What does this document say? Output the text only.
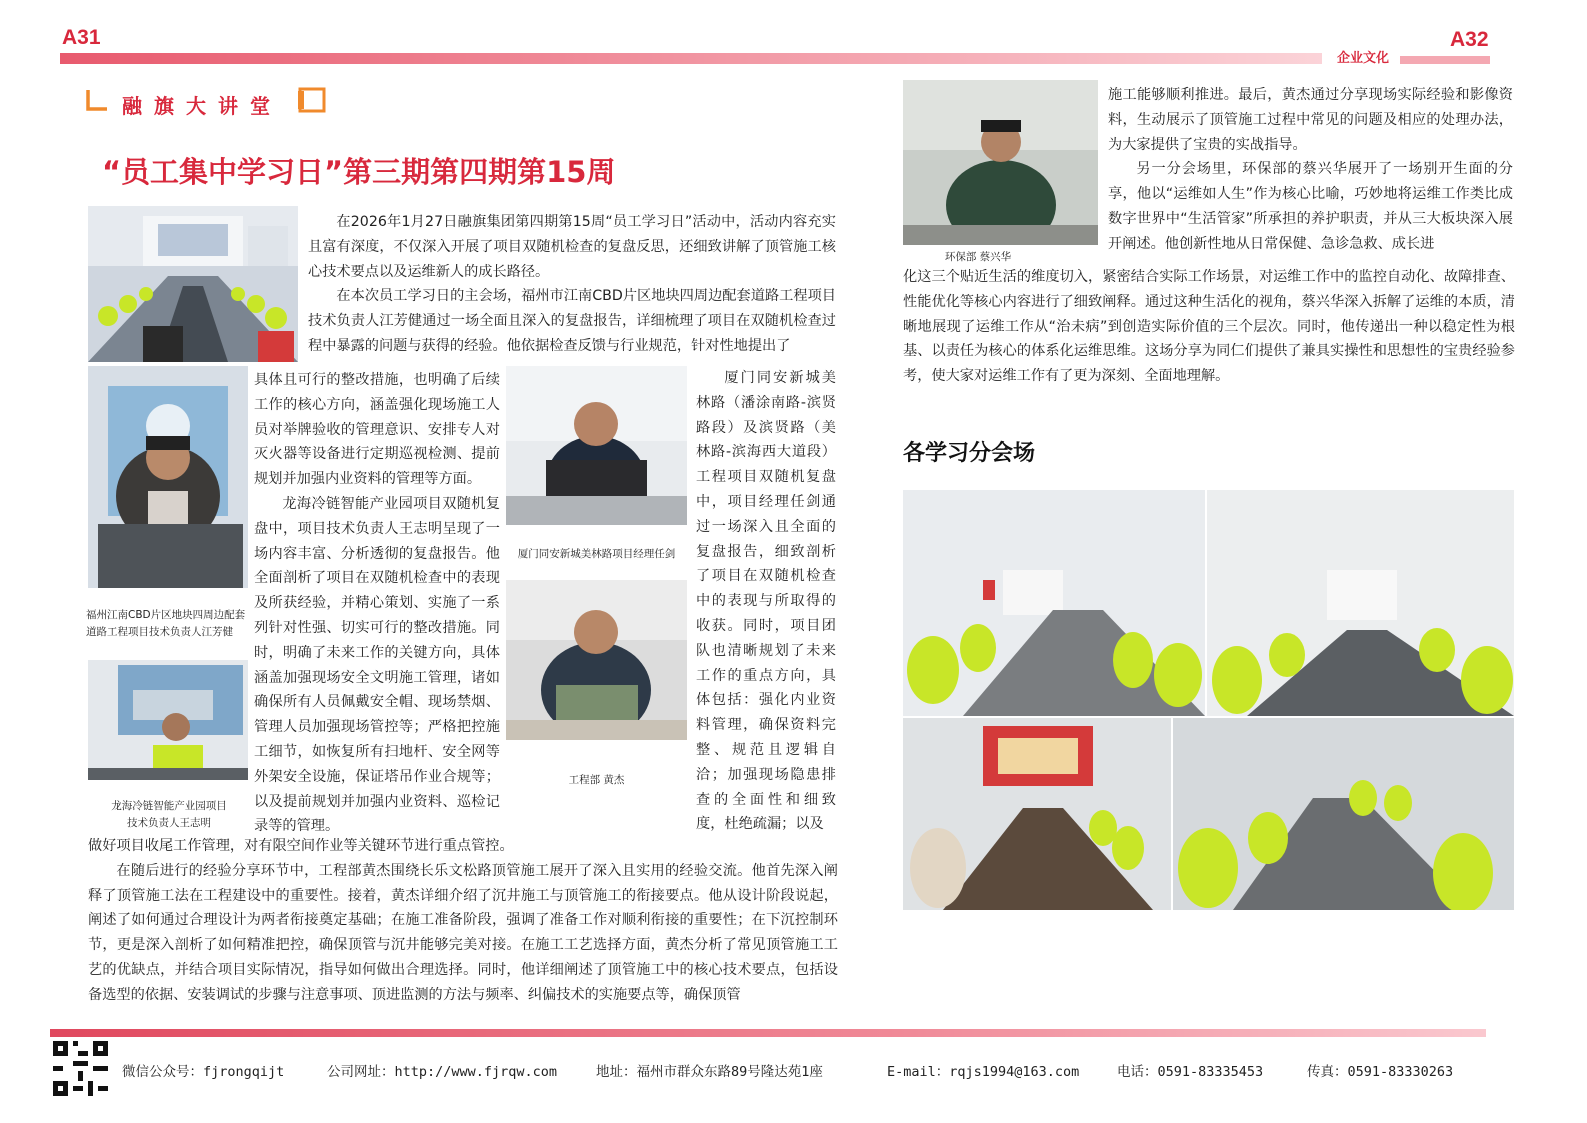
A31	A32
企业文化
融旗大讲堂
“员工集中学习日”第三期第四期第15周
福州江南CBD片区地块四周边配套道路工程项目技术负责人江芳健
龙海冷链智能产业园项目
技术负责人王志明
厦门同安新城美林路项目经理任剑
工程部 黄杰

在2026年1月27日融旗集团第四期第15周“员工学习日”活动中，活动内容充实且富有深度，不仅深入开展了项目双随机检查的复盘反思，还细致讲解了顶管施工核心技术要点以及运维新人的成长路径。

在本次员工学习日的主会场，福州市江南CBD片区地块四周边配套道路工程项目技术负责人江芳健通过一场全面且深入的复盘报告，详细梳理了项目在双随机检查过程中暴露的问题与获得的经验。他依据检查反馈与行业规范，针对性地提出了

具体且可行的整改措施，也明确了后续工作的核心方向，涵盖强化现场施工人员对举牌验收的管理意识、安排专人对灭火器等设备进行定期巡视检测、提前规划并加强内业资料的管理等方面。

龙海冷链智能产业园项目双随机复盘中，项目技术负责人王志明呈现了一场内容丰富、分析透彻的复盘报告。他全面剖析了项目在双随机检查中的表现及所获经验，并精心策划、实施了一系列针对性强、切实可行的整改措施。同时，明确了未来工作的关键方向，具体涵盖加强现场安全文明施工管理，诸如确保所有人员佩戴安全帽、现场禁烟、管理人员加强现场管控等；严格把控施工细节，如恢复所有扫地杆、安全网等外架安全设施，保证塔吊作业合规等；以及提前规划并加强内业资料、巡检记录等的管理。

厦门同安新城美林路（潘涂南路-滨贤路段）及滨贤路（美林路-滨海西大道段）工程项目双随机复盘中，项目经理任剑通过一场深入且全面的复盘报告，细致剖析了项目在双随机检查中的表现与所取得的收获。同时，项目团队也清晰规划了未来工作的重点方向，具体包括：强化内业资料管理，确保资料完整、规范且逻辑自洽；加强现场隐患排查的全面性和细致度，杜绝疏漏；以及

做好项目收尾工作管理，对有限空间作业等关键环节进行重点管控。

在随后进行的经验分享环节中，工程部黄杰围绕长乐文松路顶管施工展开了深入且实用的经验交流。他首先深入阐释了顶管施工法在工程建设中的重要性。接着，黄杰详细介绍了沉井施工与顶管施工的衔接要点。他从设计阶段说起，阐述了如何通过合理设计为两者衔接奠定基础；在施工准备阶段，强调了准备工作对顺利衔接的重要性；在下沉控制环节，更是深入剖析了如何精准把控，确保顶管与沉井能够完美对接。在施工工艺选择方面，黄杰分析了常见顶管施工工艺的优缺点，并结合项目实际情况，指导如何做出合理选择。同时，他详细阐述了顶管施工中的核心技术要点，包括设备选型的依据、安装调试的步骤与注意事项、顶进监测的方法与频率、纠偏技术的实施要点等，确保顶管

环保部 蔡兴华

施工能够顺利推进。最后，黄杰通过分享现场实际经验和影像资料，生动展示了顶管施工过程中常见的问题及相应的处理办法，为大家提供了宝贵的实战指导。

另一分会场里，环保部的蔡兴华展开了一场别开生面的分享，他以“运维如人生”作为核心比喻，巧妙地将运维工作类比成数字世界中“生活管家”所承担的养护职责，并从三大板块深入展开阐述。他创新性地从日常保健、急诊急救、成长进

化这三个贴近生活的维度切入，紧密结合实际工作场景，对运维工作中的监控自动化、故障排查、性能优化等核心内容进行了细致阐释。通过这种生活化的视角，蔡兴华深入拆解了运维的本质，清晰地展现了运维工作从“治未病”到创造实际价值的三个层次。同时，他传递出一种以稳定性为根基、以责任为核心的体系化运维思维。这场分享为同仁们提供了兼具实操性和思想性的宝贵经验参考，使大家对运维工作有了更为深刻、全面地理解。

各学习分会场
微信公众号：fjrongqijt	公司网址：http://www.fjrqw.com	地址：福州市群众东路89号隆达苑1座	E-mail：rqjs1994@163.com	电话：0591-83335453	传真：0591-83330263
